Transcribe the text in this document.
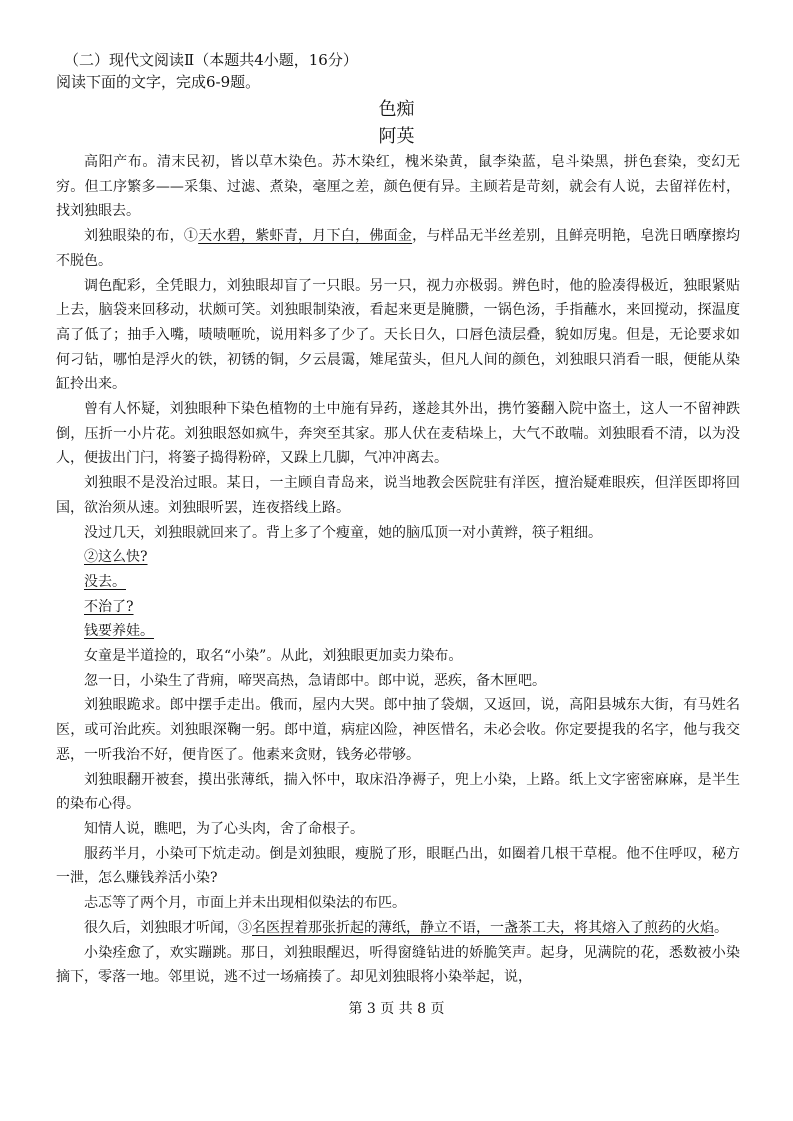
（二）现代文阅读Ⅱ（本题共4小题，16分）
阅读下面的文字，完成6-9题。
色痴
阿英

高阳产布。清末民初，皆以草木染色。苏木染红，槐米染黄，鼠李染蓝，皂斗染黑，拼色套染，变幻无穷。但工序繁多——采集、过滤、煮染，毫厘之差，颜色便有异。主顾若是苛刻，就会有人说，去留祥佐村，找刘独眼去。

刘独眼染的布，①天水碧，紫虾青，月下白，佛面金，与样品无半丝差别，且鲜亮明艳，皂洗日晒摩擦均不脱色。

调色配彩，全凭眼力，刘独眼却盲了一只眼。另一只，视力亦极弱。辨色时，他的脸凑得极近，独眼紧贴上去，脑袋来回移动，状颇可笑。刘独眼制染液，看起来更是腌臜，一锅色汤，手指蘸水，来回搅动，探温度高了低了；抽手入嘴，啧啧咂吮，说用料多了少了。天长日久，口唇色渍层叠，貌如厉鬼。但是，无论要求如何刁钻，哪怕是浮火的铁，初锈的铜，夕云晨霭，雉尾萤头，但凡人间的颜色，刘独眼只消看一眼，便能从染缸拎出来。

曾有人怀疑，刘独眼种下染色植物的土中施有异药，遂趁其外出，携竹篓翻入院中盗土，这人一不留神跌倒，压折一小片花。刘独眼怒如疯牛，奔突至其家。那人伏在麦秸垛上，大气不敢喘。刘独眼看不清，以为没人，便拔出门闩，将篓子捣得粉碎，又跺上几脚，气冲冲离去。

刘独眼不是没治过眼。某日，一主顾自青岛来，说当地教会医院驻有洋医，擅治疑难眼疾，但洋医即将回国，欲治须从速。刘独眼听罢，连夜搭线上路。

没过几天，刘独眼就回来了。背上多了个瘦童，她的脑瓜顶一对小黄辫，筷子粗细。

②这么快?

没去。

不治了?

钱要养娃。

女童是半道捡的，取名“小染”。从此，刘独眼更加卖力染布。

忽一日，小染生了背痈，啼哭高热，急请郎中。郎中说，恶疾，备木匣吧。

刘独眼跪求。郎中摆手走出。俄而，屋内大哭。郎中抽了袋烟，又返回，说，高阳县城东大街，有马姓名医，或可治此疾。刘独眼深鞠一躬。郎中道，病症凶险，神医惜名，未必会收。你定要提我的名字，他与我交恶，一听我治不好，便肯医了。他素来贪财，钱务必带够。

刘独眼翻开被套，摸出张薄纸，揣入怀中，取床沿净褥子，兜上小染，上路。纸上文字密密麻麻，是半生的染布心得。

知情人说，瞧吧，为了心头肉，舍了命根子。

服药半月，小染可下炕走动。倒是刘独眼，瘦脱了形，眼眶凸出，如圈着几根干草棍。他不住呼叹，秘方一泄，怎么赚钱养活小染?

忐忑等了两个月，市面上并未出现相似染法的布匹。

很久后，刘独眼才听闻，③名医捏着那张折起的薄纸，静立不语，一盏茶工夫，将其熔入了煎药的火焰。

小染痊愈了，欢实蹦跳。那日，刘独眼醒迟，听得窗缝钻进的娇脆笑声。起身，见满院的花，悉数被小染摘下，零落一地。邻里说，逃不过一场痛揍了。却见刘独眼将小染举起，说，

第 3 页 共 8 页
